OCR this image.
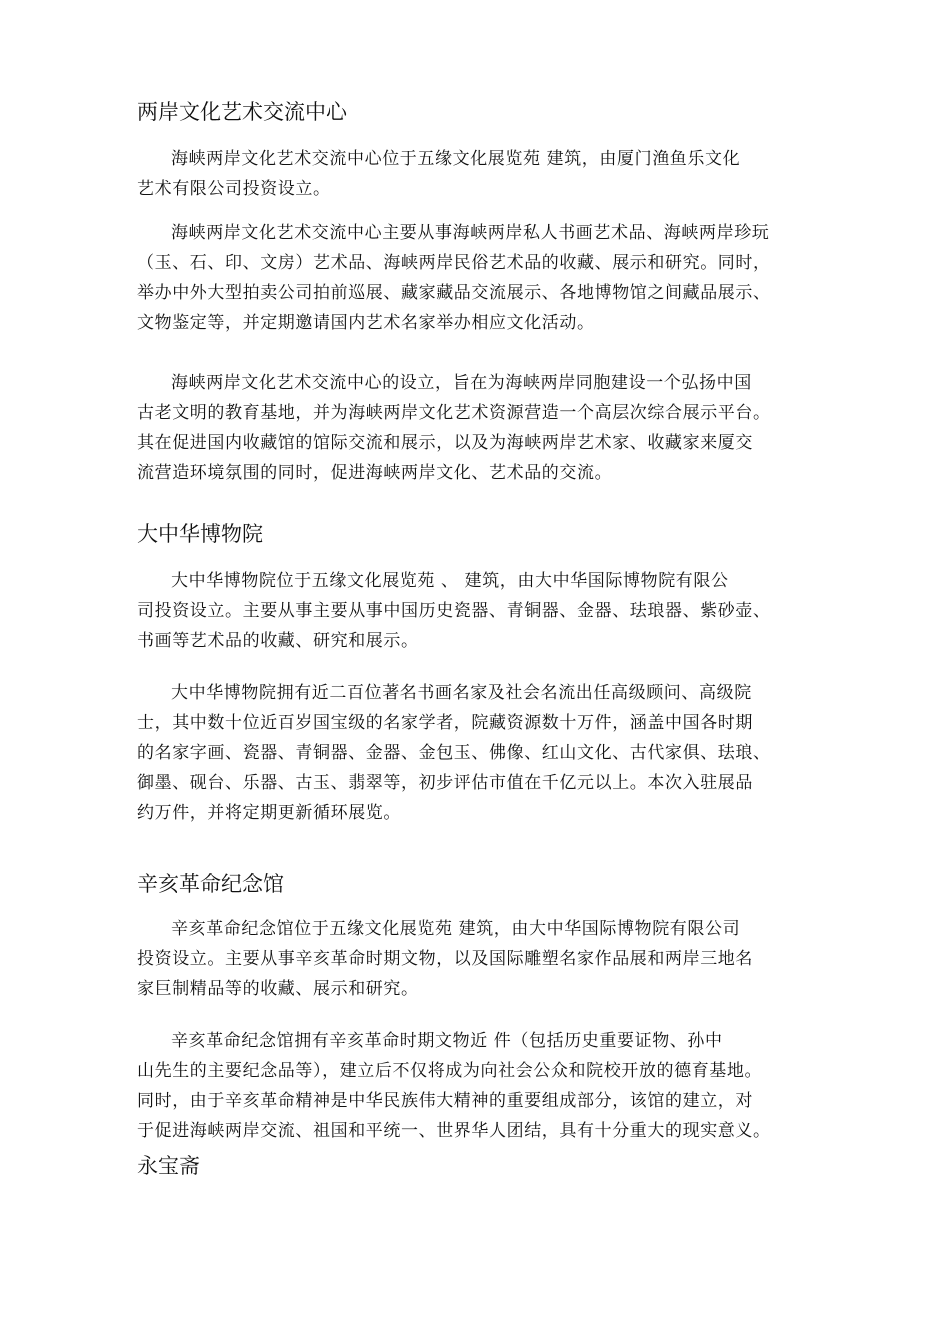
两岸文化艺术交流中心
海峡两岸文化艺术交流中心位于五缘文化展览苑 建筑，由厦门渔鱼乐文化
艺术有限公司投资设立。
海峡两岸文化艺术交流中心主要从事海峡两岸私人书画艺术品、海峡两岸珍玩
（玉、石、印、文房）艺术品、海峡两岸民俗艺术品的收藏、展示和研究。同时，
举办中外大型拍卖公司拍前巡展、藏家藏品交流展示、各地博物馆之间藏品展示、
文物鉴定等，并定期邀请国内艺术名家举办相应文化活动。
海峡两岸文化艺术交流中心的设立，旨在为海峡两岸同胞建设一个弘扬中国
古老文明的教育基地，并为海峡两岸文化艺术资源营造一个高层次综合展示平台。
其在促进国内收藏馆的馆际交流和展示，以及为海峡两岸艺术家、收藏家来厦交
流营造环境氛围的同时，促进海峡两岸文化、艺术品的交流。
大中华博物院
大中华博物院位于五缘文化展览苑 、 建筑，由大中华国际博物院有限公
司投资设立。主要从事主要从事中国历史瓷器、青铜器、金器、珐琅器、紫砂壶、
书画等艺术品的收藏、研究和展示。
大中华博物院拥有近二百位著名书画名家及社会名流出任高级顾问、高级院
士，其中数十位近百岁国宝级的名家学者，院藏资源数十万件，涵盖中国各时期
的名家字画、瓷器、青铜器、金器、金包玉、佛像、红山文化、古代家俱、珐琅、
御墨、砚台、乐器、古玉、翡翠等，初步评估市值在千亿元以上。本次入驻展品
约万件，并将定期更新循环展览。
辛亥革命纪念馆
辛亥革命纪念馆位于五缘文化展览苑 建筑，由大中华国际博物院有限公司
投资设立。主要从事辛亥革命时期文物，以及国际雕塑名家作品展和两岸三地名
家巨制精品等的收藏、展示和研究。
辛亥革命纪念馆拥有辛亥革命时期文物近 件（包括历史重要证物、孙中
山先生的主要纪念品等），建立后不仅将成为向社会公众和院校开放的德育基地。
同时，由于辛亥革命精神是中华民族伟大精神的重要组成部分，该馆的建立，对
于促进海峡两岸交流、祖国和平统一、世界华人团结，具有十分重大的现实意义。
永宝斋
